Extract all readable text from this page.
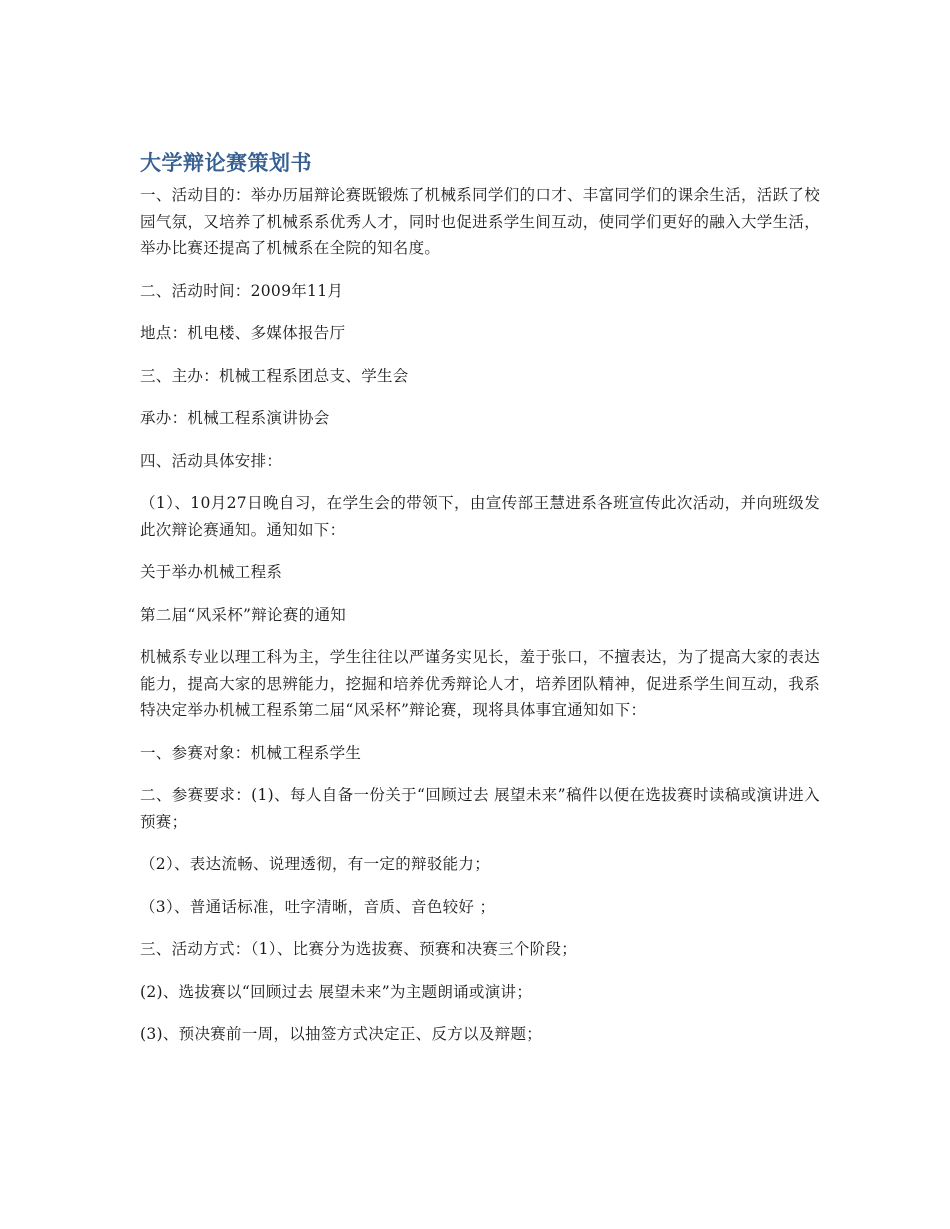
大学辩论赛策划书

一、活动目的：举办历届辩论赛既锻炼了机械系同学们的口才、丰富同学们的课余生活，活跃了校园气氛，又培养了机械系系优秀人才，同时也促进系学生间互动，使同学们更好的融入大学生活，举办比赛还提高了机械系在全院的知名度。

二、活动时间：2009年11月

地点：机电楼、多媒体报告厅

三、主办：机械工程系团总支、学生会

承办：机械工程系演讲协会

四、活动具体安排：

（1）、10月27日晚自习，在学生会的带领下，由宣传部王慧进系各班宣传此次活动，并向班级发此次辩论赛通知。通知如下：

关于举办机械工程系

第二届“风采杯”辩论赛的通知

机械系专业以理工科为主，学生往往以严谨务实见长，羞于张口，不擅表达，为了提高大家的表达能力，提高大家的思辨能力，挖掘和培养优秀辩论人才，培养团队精神，促进系学生间互动，我系特决定举办机械工程系第二届“风采杯”辩论赛，现将具体事宜通知如下：

一、参赛对象：机械工程系学生

二、参赛要求：(1)、每人自备一份关于“回顾过去 展望未来”稿件以便在选拔赛时读稿或演讲进入预赛；

（2）、表达流畅、说理透彻，有一定的辩驳能力；

（3）、普通话标准，吐字清晰，音质、音色较好 ；

三、活动方式：（1）、比赛分为选拔赛、预赛和决赛三个阶段；

(2)、选拔赛以“回顾过去 展望未来”为主题朗诵或演讲；

(3)、预决赛前一周，以抽签方式决定正、反方以及辩题；
